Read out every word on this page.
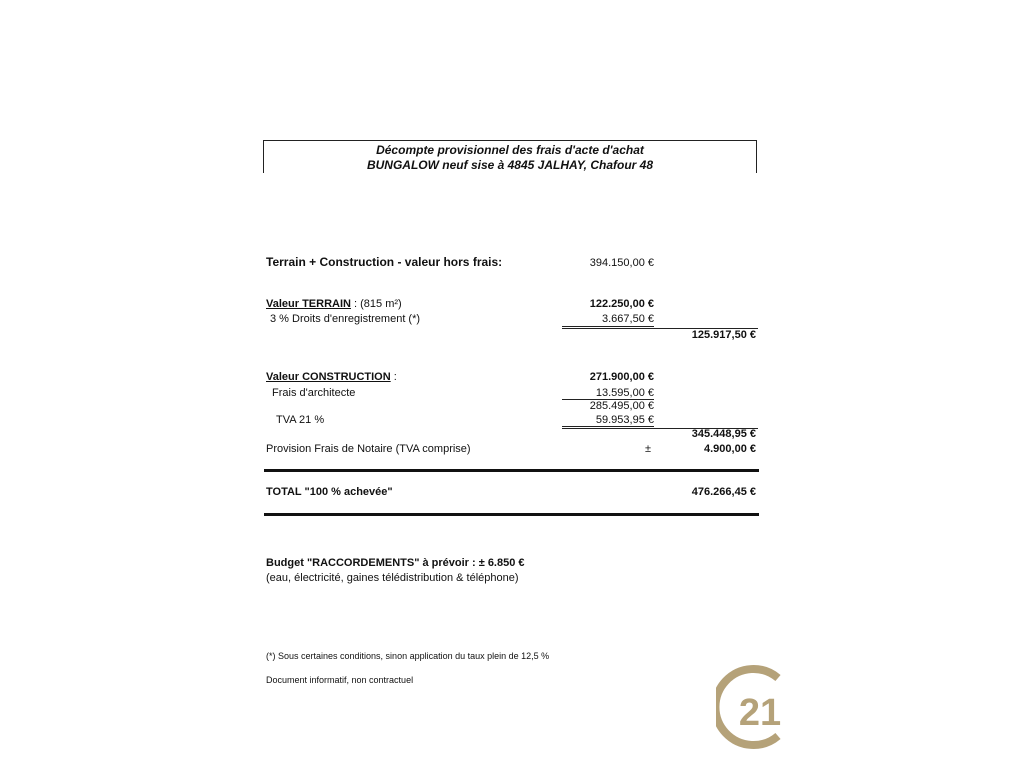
Décompte provisionnel des frais d'acte d'achat
BUNGALOW neuf sise à 4845 JALHAY, Chafour 48
Terrain + Construction - valeur hors frais:	394.150,00 €
Valeur TERRAIN : (815 m²)	122.250,00 €
3 % Droits d'enregistrement (*)	3.667,50 €
125.917,50 €
Valeur CONSTRUCTION :	271.900,00 €
Frais d'architecte	13.595,00 €
285.495,00 €
TVA 21 %	59.953,95 €
345.448,95 €
Provision Frais de Notaire (TVA comprise)	±	4.900,00 €
TOTAL "100 % achevée"	476.266,45 €
Budget "RACCORDEMENTS" à prévoir : ± 6.850 €
(eau, électricité, gaines télédistribution & téléphone)
(*) Sous certaines conditions, sinon application du taux plein de 12,5 %
Document informatif, non contractuel
21
